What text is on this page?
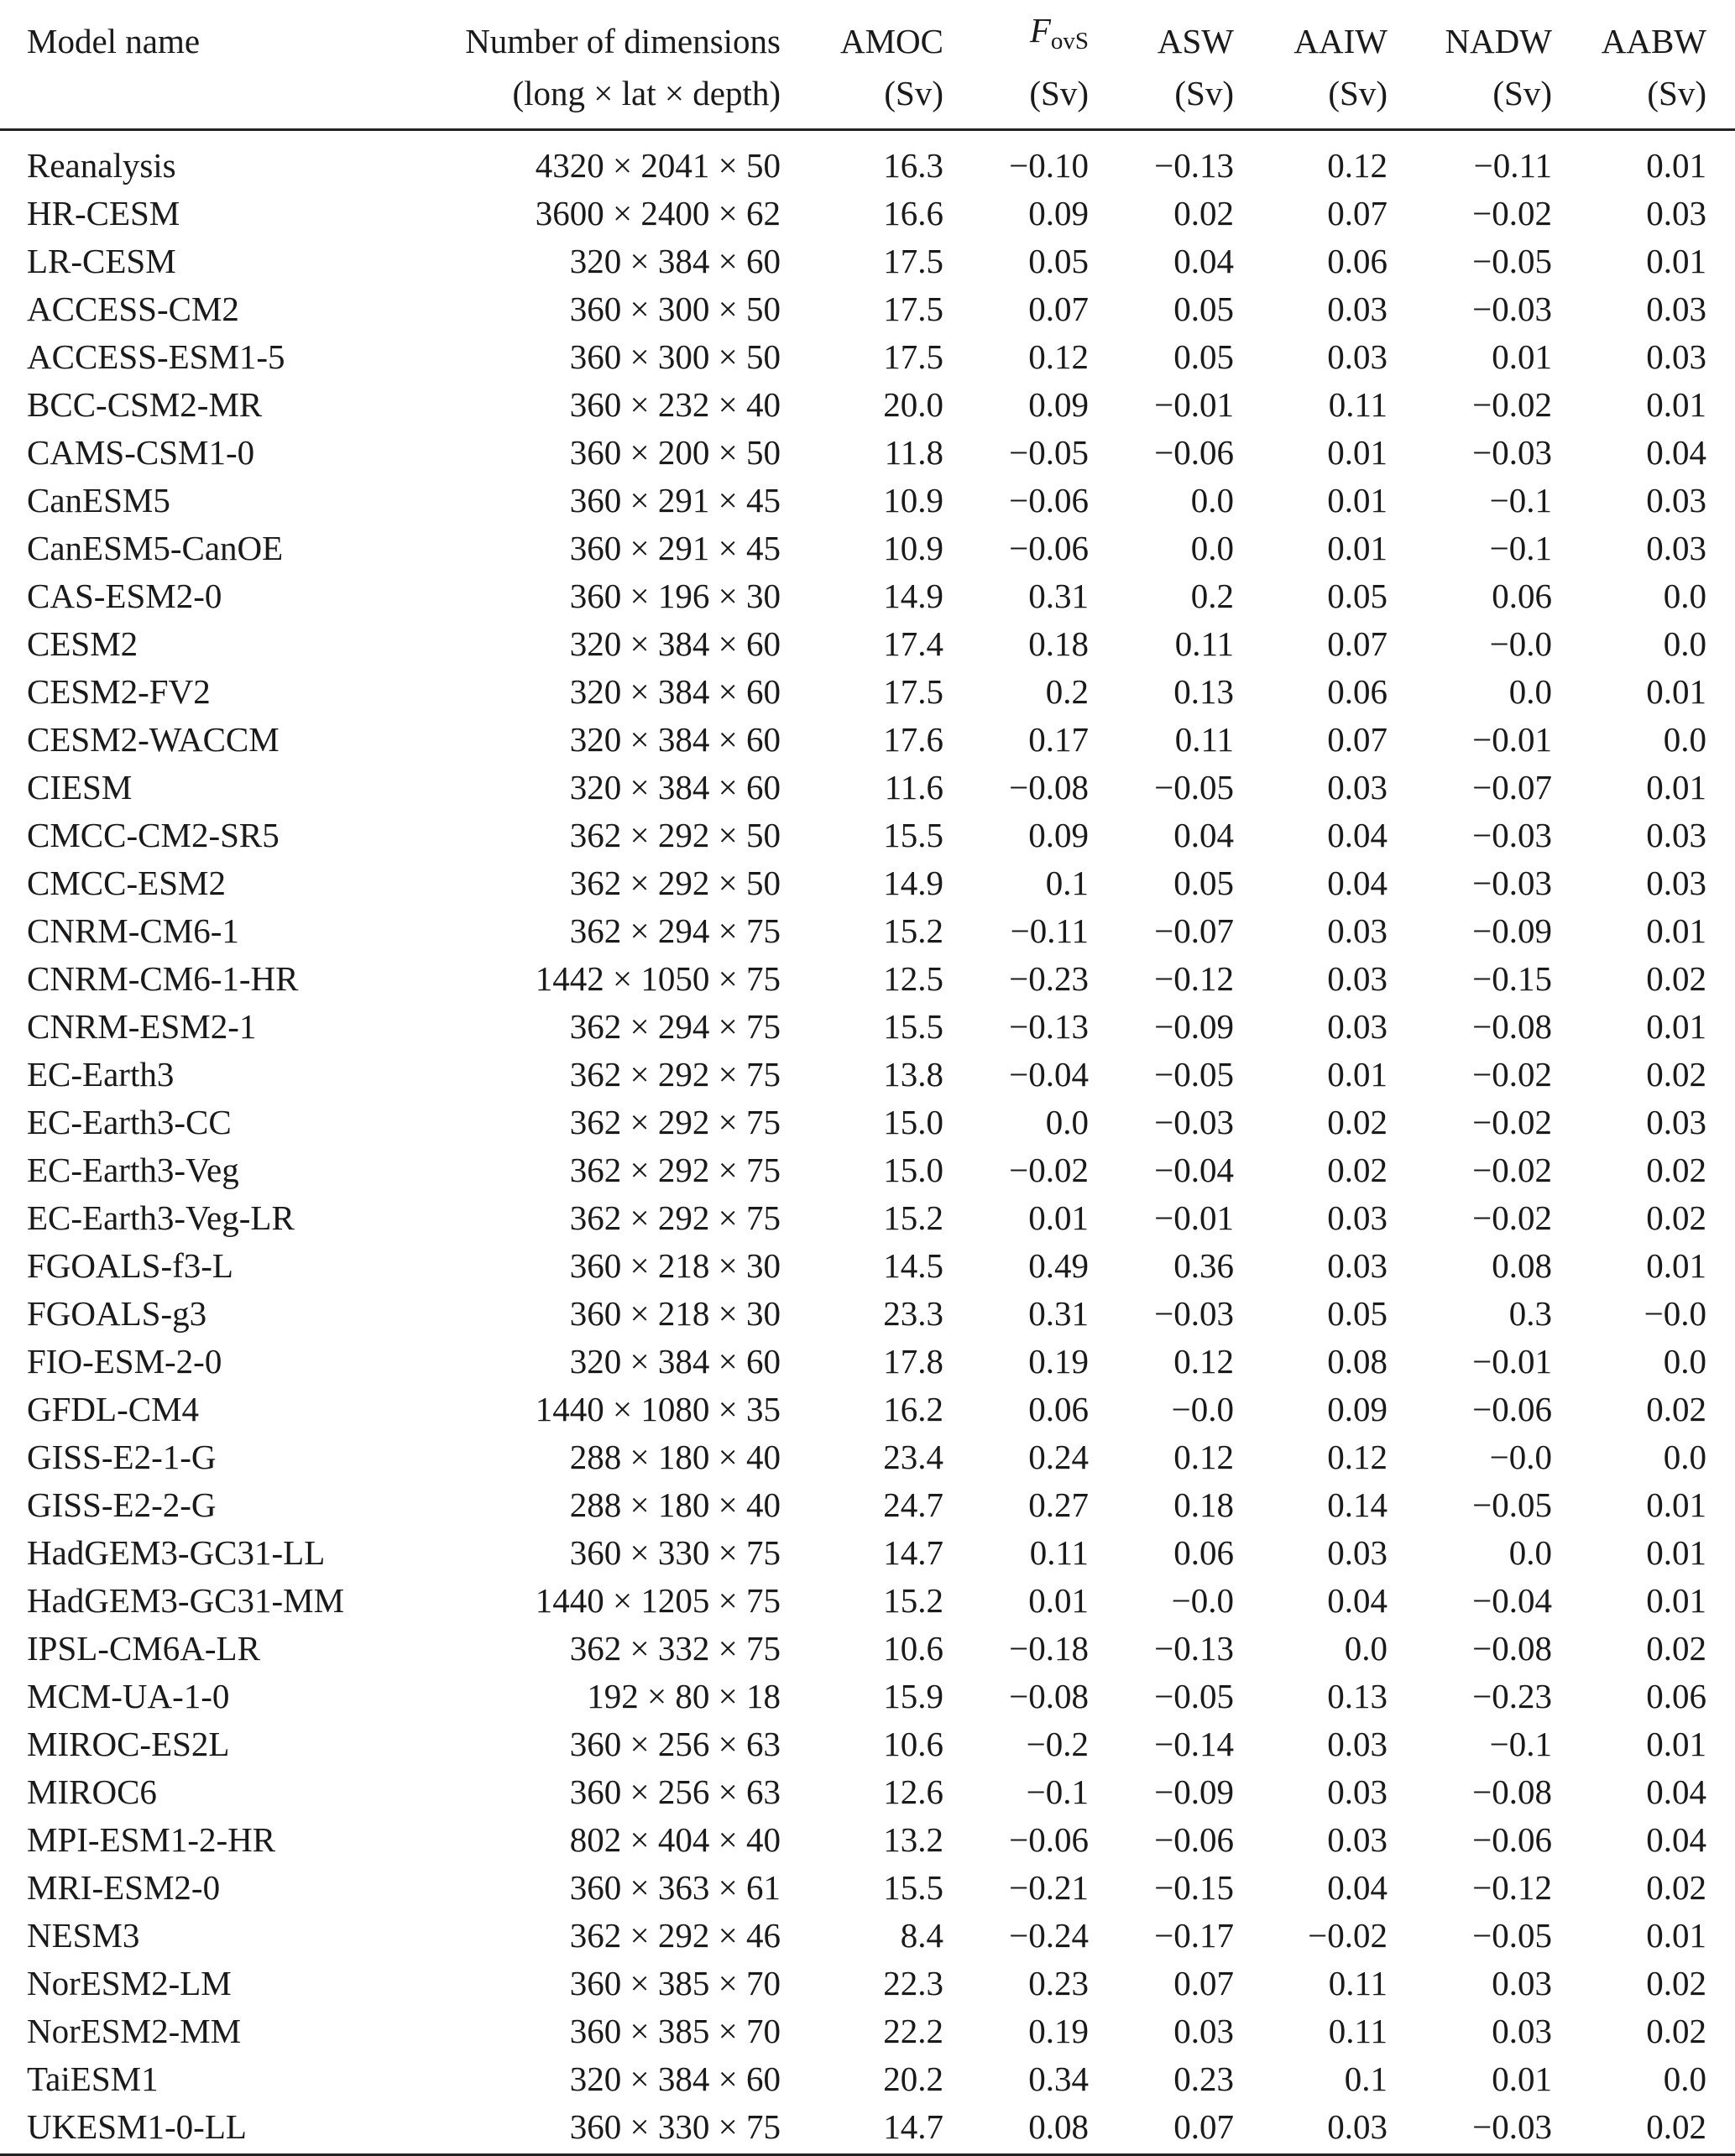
Model name	Number of dimensions	AMOC	FovS	ASW	AAIW	NADW	AABW
	(long × lat × depth)	(Sv)	(Sv)	(Sv)	(Sv)	(Sv)	(Sv)
Reanalysis	4320 × 2041 × 50	16.3	−0.10	−0.13	0.12	−0.11	0.01
HR-CESM	3600 × 2400 × 62	16.6	0.09	0.02	0.07	−0.02	0.03
LR-CESM	320 × 384 × 60	17.5	0.05	0.04	0.06	−0.05	0.01
ACCESS-CM2	360 × 300 × 50	17.5	0.07	0.05	0.03	−0.03	0.03
ACCESS-ESM1-5	360 × 300 × 50	17.5	0.12	0.05	0.03	0.01	0.03
BCC-CSM2-MR	360 × 232 × 40	20.0	0.09	−0.01	0.11	−0.02	0.01
CAMS-CSM1-0	360 × 200 × 50	11.8	−0.05	−0.06	0.01	−0.03	0.04
CanESM5	360 × 291 × 45	10.9	−0.06	0.0	0.01	−0.1	0.03
CanESM5-CanOE	360 × 291 × 45	10.9	−0.06	0.0	0.01	−0.1	0.03
CAS-ESM2-0	360 × 196 × 30	14.9	0.31	0.2	0.05	0.06	0.0
CESM2	320 × 384 × 60	17.4	0.18	0.11	0.07	−0.0	0.0
CESM2-FV2	320 × 384 × 60	17.5	0.2	0.13	0.06	0.0	0.01
CESM2-WACCM	320 × 384 × 60	17.6	0.17	0.11	0.07	−0.01	0.0
CIESM	320 × 384 × 60	11.6	−0.08	−0.05	0.03	−0.07	0.01
CMCC-CM2-SR5	362 × 292 × 50	15.5	0.09	0.04	0.04	−0.03	0.03
CMCC-ESM2	362 × 292 × 50	14.9	0.1	0.05	0.04	−0.03	0.03
CNRM-CM6-1	362 × 294 × 75	15.2	−0.11	−0.07	0.03	−0.09	0.01
CNRM-CM6-1-HR	1442 × 1050 × 75	12.5	−0.23	−0.12	0.03	−0.15	0.02
CNRM-ESM2-1	362 × 294 × 75	15.5	−0.13	−0.09	0.03	−0.08	0.01
EC-Earth3	362 × 292 × 75	13.8	−0.04	−0.05	0.01	−0.02	0.02
EC-Earth3-CC	362 × 292 × 75	15.0	0.0	−0.03	0.02	−0.02	0.03
EC-Earth3-Veg	362 × 292 × 75	15.0	−0.02	−0.04	0.02	−0.02	0.02
EC-Earth3-Veg-LR	362 × 292 × 75	15.2	0.01	−0.01	0.03	−0.02	0.02
FGOALS-f3-L	360 × 218 × 30	14.5	0.49	0.36	0.03	0.08	0.01
FGOALS-g3	360 × 218 × 30	23.3	0.31	−0.03	0.05	0.3	−0.0
FIO-ESM-2-0	320 × 384 × 60	17.8	0.19	0.12	0.08	−0.01	0.0
GFDL-CM4	1440 × 1080 × 35	16.2	0.06	−0.0	0.09	−0.06	0.02
GISS-E2-1-G	288 × 180 × 40	23.4	0.24	0.12	0.12	−0.0	0.0
GISS-E2-2-G	288 × 180 × 40	24.7	0.27	0.18	0.14	−0.05	0.01
HadGEM3-GC31-LL	360 × 330 × 75	14.7	0.11	0.06	0.03	0.0	0.01
HadGEM3-GC31-MM	1440 × 1205 × 75	15.2	0.01	−0.0	0.04	−0.04	0.01
IPSL-CM6A-LR	362 × 332 × 75	10.6	−0.18	−0.13	0.0	−0.08	0.02
MCM-UA-1-0	192 × 80 × 18	15.9	−0.08	−0.05	0.13	−0.23	0.06
MIROC-ES2L	360 × 256 × 63	10.6	−0.2	−0.14	0.03	−0.1	0.01
MIROC6	360 × 256 × 63	12.6	−0.1	−0.09	0.03	−0.08	0.04
MPI-ESM1-2-HR	802 × 404 × 40	13.2	−0.06	−0.06	0.03	−0.06	0.04
MRI-ESM2-0	360 × 363 × 61	15.5	−0.21	−0.15	0.04	−0.12	0.02
NESM3	362 × 292 × 46	8.4	−0.24	−0.17	−0.02	−0.05	0.01
NorESM2-LM	360 × 385 × 70	22.3	0.23	0.07	0.11	0.03	0.02
NorESM2-MM	360 × 385 × 70	22.2	0.19	0.03	0.11	0.03	0.02
TaiESM1	320 × 384 × 60	20.2	0.34	0.23	0.1	0.01	0.0
UKESM1-0-LL	360 × 330 × 75	14.7	0.08	0.07	0.03	−0.03	0.02
